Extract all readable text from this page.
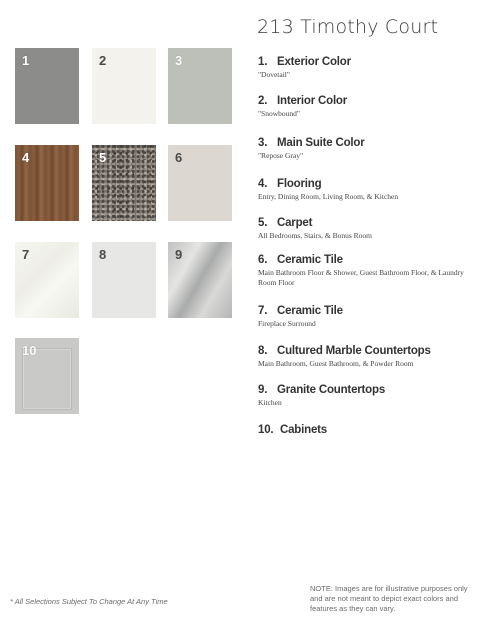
213 Timothy Court
1	2	3
4	5	6
7	8	9
10
1. Exterior Color
"Dovetail"
2. Interior Color
"Snowbound"
3. Main Suite Color
"Repose Gray"
4. Flooring
Entry, Dining Room, Living Room, & Kitchen
5. Carpet
All Bedrooms, Stairs, & Bonus Room
6. Ceramic Tile
Main Bathroom Floor & Shower, Guest Bathroom Floor, & Laundry Room Floor
7. Ceramic Tile
Fireplace Surround
8. Cultured Marble Countertops
Main Bathroom, Guest Bathroom, & Powder Room
9. Granite Countertops
Kitchen
10. Cabinets
* All Selections Subject To Change At Any Time
NOTE: Images are for illustrative purposes only and are not meant to depict exact colors and features as they can vary.
